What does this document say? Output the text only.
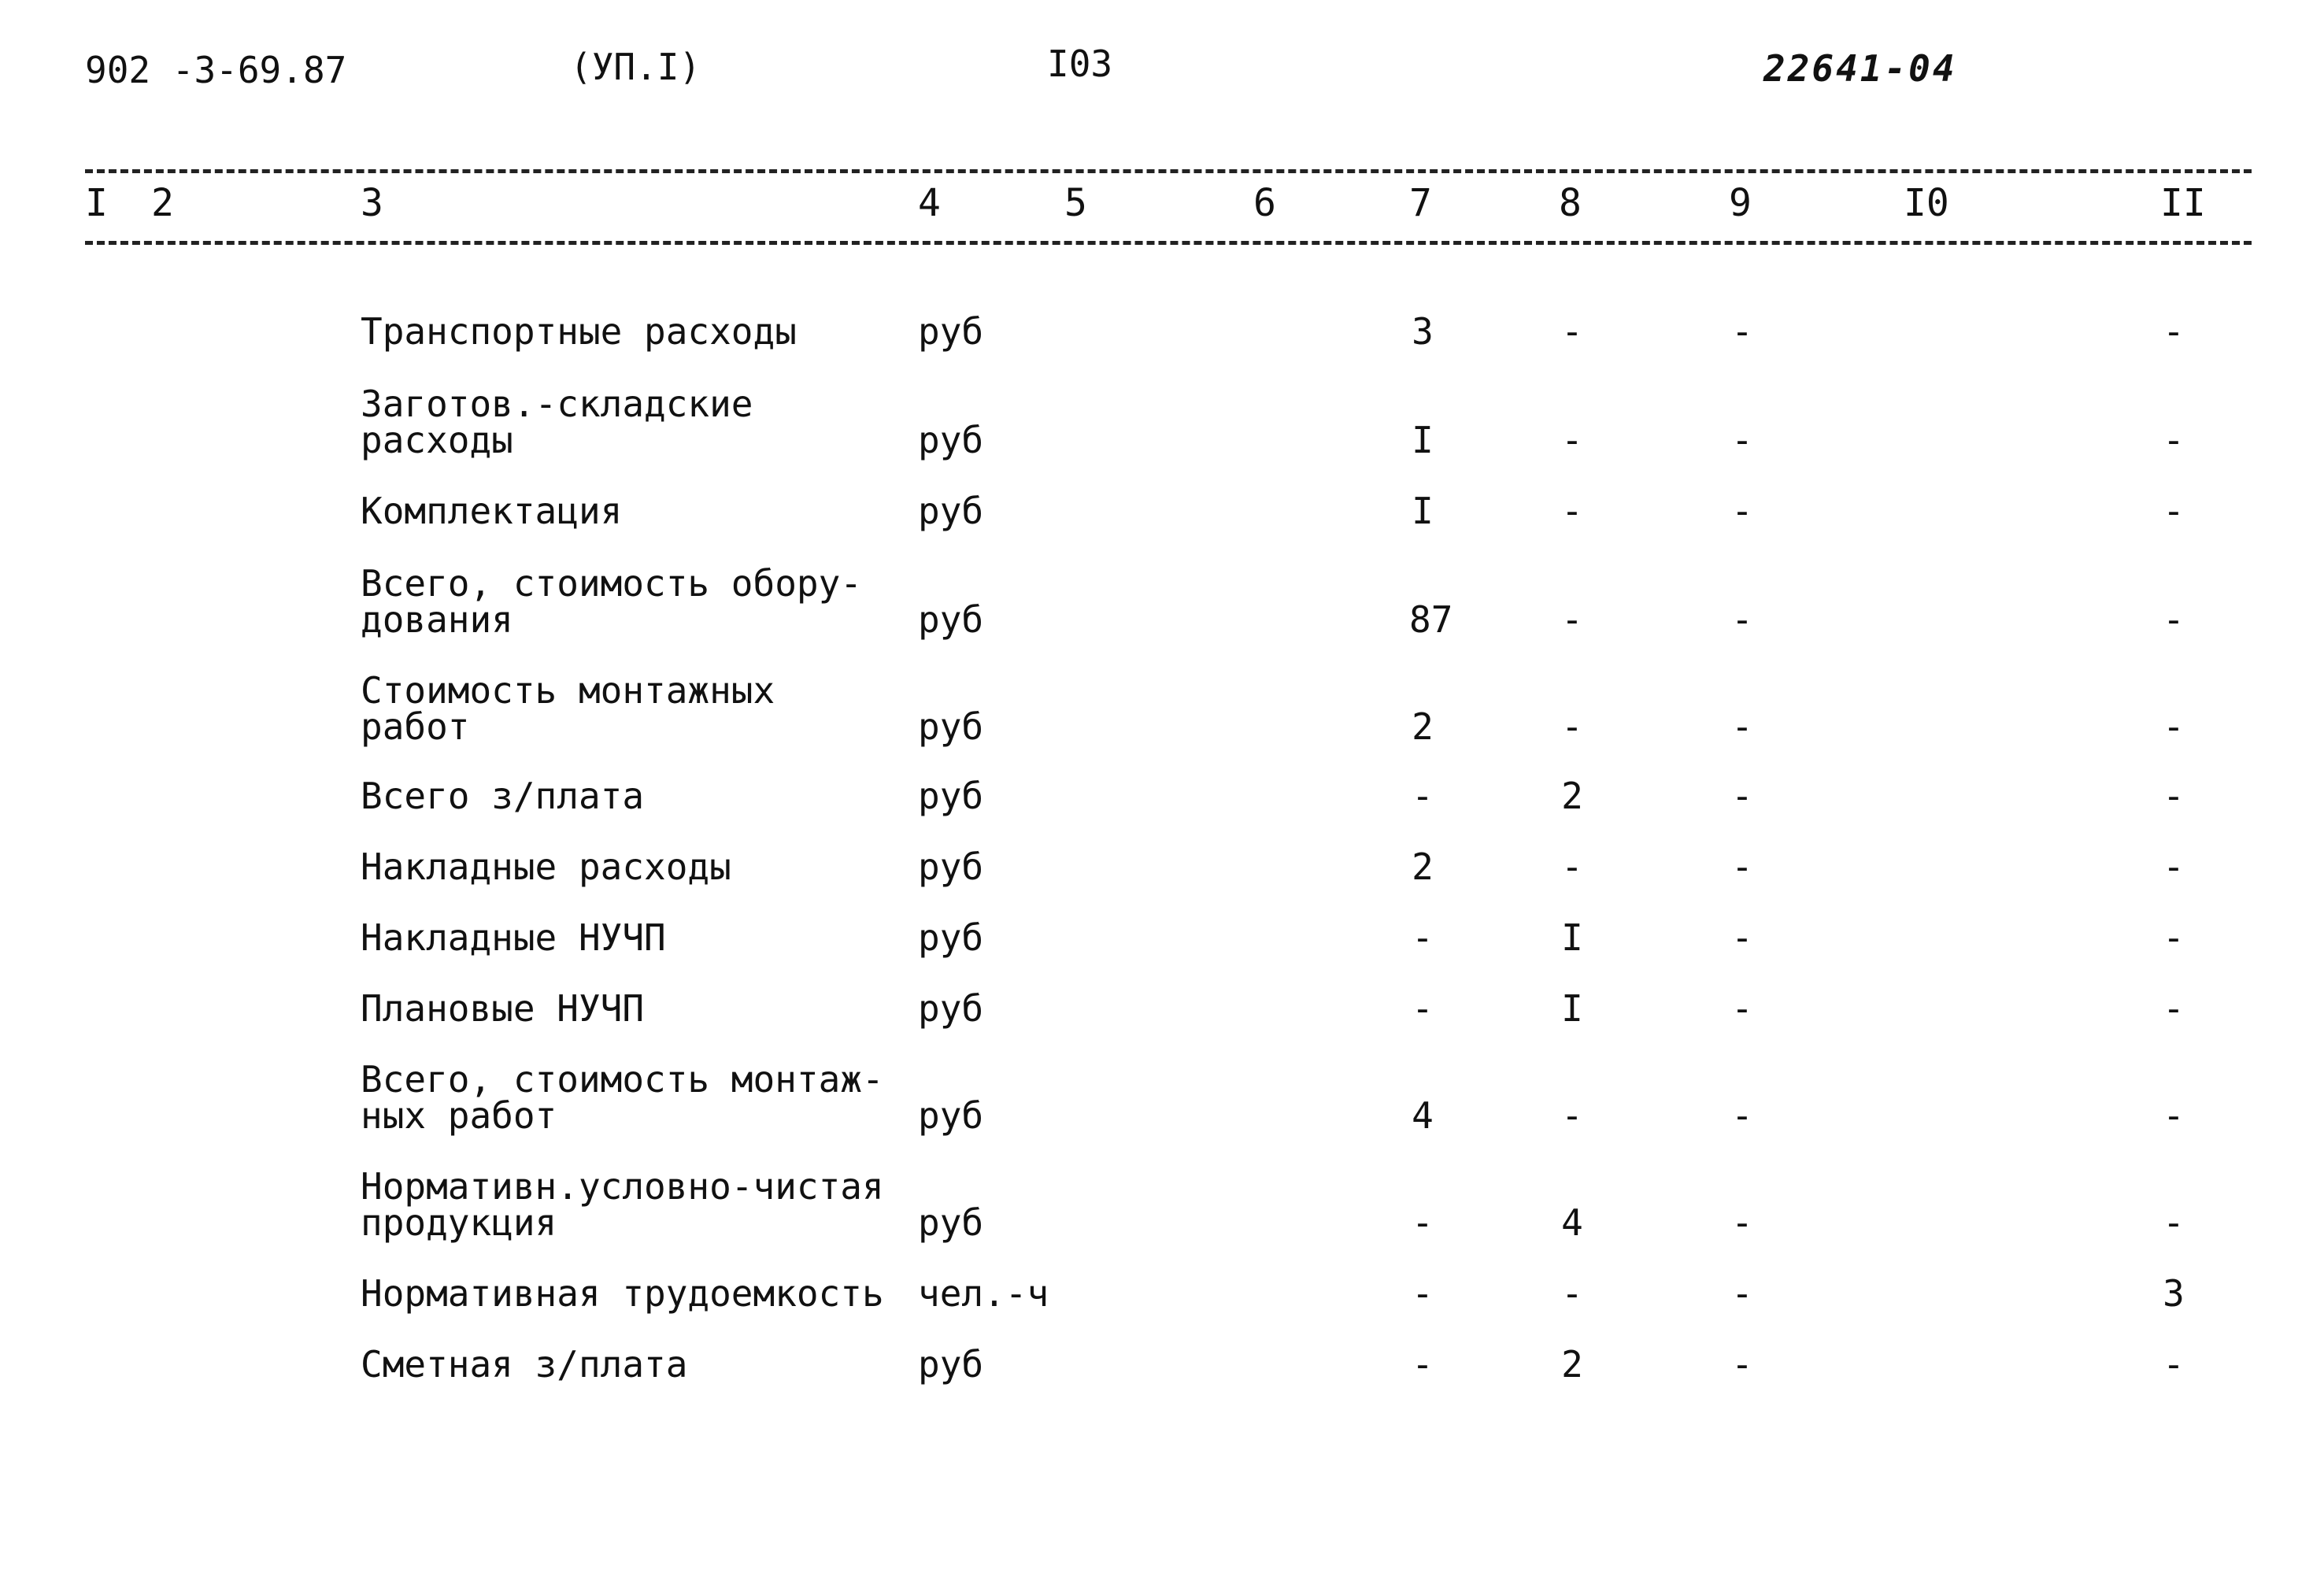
902 -3-69.87	(УП.I)	I03	22641-04
I 2	3	4	5	6	7	8	9	I0	II
Транспортные расходы	руб	3	-	-	-
Заготов.-складские
расходы	руб	I	-	-	-
Комплектация	руб	I	-	-	-
Всего, стоимость обору-
дования	руб	87	-	-	-
Стоимость монтажных
работ	руб	2	-	-	-
Всего з/плата	руб	-	2	-	-
Накладные расходы	руб	2	-	-	-
Накладные НУЧП	руб	-	I	-	-
Плановые НУЧП	руб	-	I	-	-
Всего, стоимость монтаж-
ных работ	руб	4	-	-	-
Нормативн.условно-чистая
продукция	руб	-	4	-	-
Нормативная трудоемкость чел.-ч	-	-	-	3
Сметная з/плата	руб	-	2	-	-
